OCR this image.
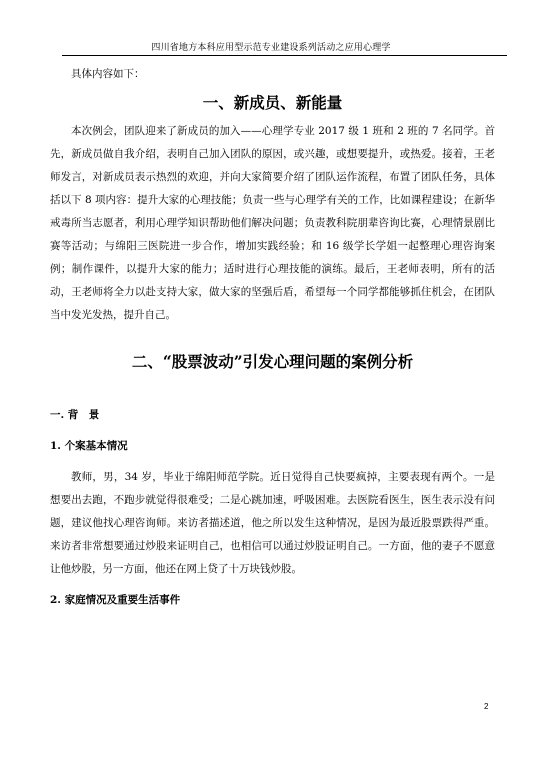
四川省地方本科应用型示范专业建设系列活动之应用心理学

具体内容如下：

一、新成员、新能量

本次例会，团队迎来了新成员的加入——心理学专业 2017 级 1 班和 2 班的 7 名同学。首先，新成员做自我介绍，表明自己加入团队的原因，或兴趣，或想要提升，或热爱。接着，王老师发言，对新成员表示热烈的欢迎，并向大家简要介绍了团队运作流程，布置了团队任务，具体括以下 8 项内容：提升大家的心理技能；负责一些与心理学有关的工作，比如课程建设；在新华戒毒所当志愿者，利用心理学知识帮助他们解决问题；负责教科院朋辈咨询比赛，心理情景剧比赛等活动；与绵阳三医院进一步合作，增加实践经验；和 16 级学长学姐一起整理心理咨询案例；制作课件，以提升大家的能力；适时进行心理技能的演练。最后，王老师表明，所有的活动，王老师将全力以赴支持大家，做大家的坚强后盾，希望每一个同学都能够抓住机会，在团队当中发光发热，提升自己。

二、“股票波动”引发心理问题的案例分析
一. 背　景
1. 个案基本情况

教师，男，34 岁，毕业于绵阳师范学院。近日觉得自己快要疯掉，主要表现有两个。一是想要出去跑，不跑步就觉得很难受；二是心跳加速，呼吸困难。去医院看医生，医生表示没有问题，建议他找心理咨询师。来访者描述道，他之所以发生这种情况，是因为最近股票跌得严重。来访者非常想要通过炒股来证明自己，也相信可以通过炒股证明自己。一方面，他的妻子不愿意让他炒股，另一方面，他还在网上贷了十万块钱炒股。

2. 家庭情况及重要生活事件
2
